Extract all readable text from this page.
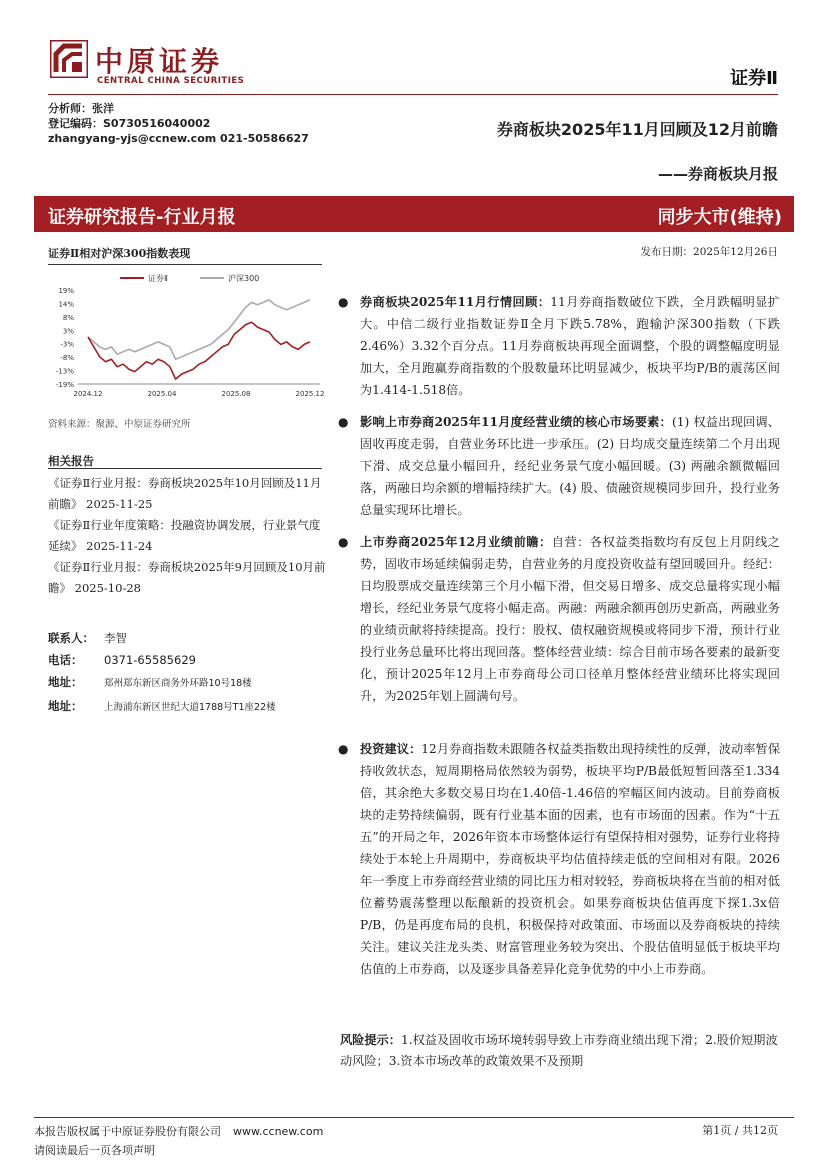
中原证券
CENTRAL CHINA SECURITIES	证券Ⅱ
分析师：张洋
登记编码：S0730516040002
zhangyang-yjs@ccnew.com 021-50586627	券商板块2025年11月回顾及12月前瞻
——券商板块月报
证券研究报告-行业月报	同步大市(维持)
证券Ⅱ相对沪深300指数表现	发布日期：2025年12月26日
19%
14%
8%
3%
-3%
-8%
-13%
-19%
2024.12	2025.04	2025.08	2025.12
证券Ⅱ	沪深300
资料来源：聚源、中原证券研究所
相关报告
《证券Ⅱ行业月报：券商板块2025年10月回顾及11月前瞻》 2025-11-25
《证券Ⅱ行业年度策略：投融资协调发展，行业景气度延续》 2025-11-24
《证券Ⅱ行业月报：券商板块2025年9月回顾及10月前瞻》 2025-10-28
联系人： 李智
电话： 0371-65585629
地址： 郑州郑东新区商务外环路10号18楼
地址： 上海浦东新区世纪大道1788号T1座22楼
● 券商板块2025年11月行情回顾：11月券商指数破位下跌，全月跌幅明显扩大。中信二级行业指数证券Ⅱ全月下跌5.78%，跑输沪深300指数（下跌2.46%）3.32个百分点。11月券商板块再现全面调整，个股的调整幅度明显加大，全月跑赢券商指数的个股数量环比明显减少，板块平均P/B的震荡区间为1.414-1.518倍。
● 影响上市券商2025年11月度经营业绩的核心市场要素：(1) 权益出现回调、固收再度走弱，自营业务环比进一步承压。(2) 日均成交量连续第二个月出现下滑、成交总量小幅回升，经纪业务景气度小幅回暖。(3) 两融余额微幅回落，两融日均余额的增幅持续扩大。(4) 股、债融资规模同步回升，投行业务总量实现环比增长。
● 上市券商2025年12月业绩前瞻：自营：各权益类指数均有反包上月阴线之势，固收市场延续偏弱走势，自营业务的月度投资收益有望回暖回升。经纪：日均股票成交量连续第三个月小幅下滑，但交易日增多、成交总量将实现小幅增长，经纪业务景气度将小幅走高。两融：两融余额再创历史新高，两融业务的业绩贡献将持续提高。投行：股权、债权融资规模或将同步下滑，预计行业投行业务总量环比将出现回落。整体经营业绩：综合目前市场各要素的最新变化，预计2025年12月上市券商母公司口径单月整体经营业绩环比将实现回升，为2025年划上圆满句号。
● 投资建议：12月券商指数未跟随各权益类指数出现持续性的反弹，波动率暂保持收敛状态，短周期格局依然较为弱势，板块平均P/B最低短暂回落至1.334倍，其余绝大多数交易日均在1.40倍-1.46倍的窄幅区间内波动。目前券商板块的走势持续偏弱，既有行业基本面的因素，也有市场面的因素。作为“十五五”的开局之年，2026年资本市场整体运行有望保持相对强势，证券行业将持续处于本轮上升周期中，券商板块平均估值持续走低的空间相对有限。2026年一季度上市券商经营业绩的同比压力相对较轻，券商板块将在当前的相对低位蓄势震荡整理以酝酿新的投资机会。如果券商板块估值再度下探1.3x倍P/B，仍是再度布局的良机，积极保持对政策面、市场面以及券商板块的持续关注。建议关注龙头类、财富管理业务较为突出、个股估值明显低于板块平均估值的上市券商，以及逐步具备差异化竞争优势的中小上市券商。
风险提示：1.权益及固收市场环境转弱导致上市券商业绩出现下滑；2.股价短期波动风险；3.资本市场改革的政策效果不及预期
本报告版权属于中原证券股份有限公司 www.ccnew.com
请阅读最后一页各项声明
第1页 / 共12页
